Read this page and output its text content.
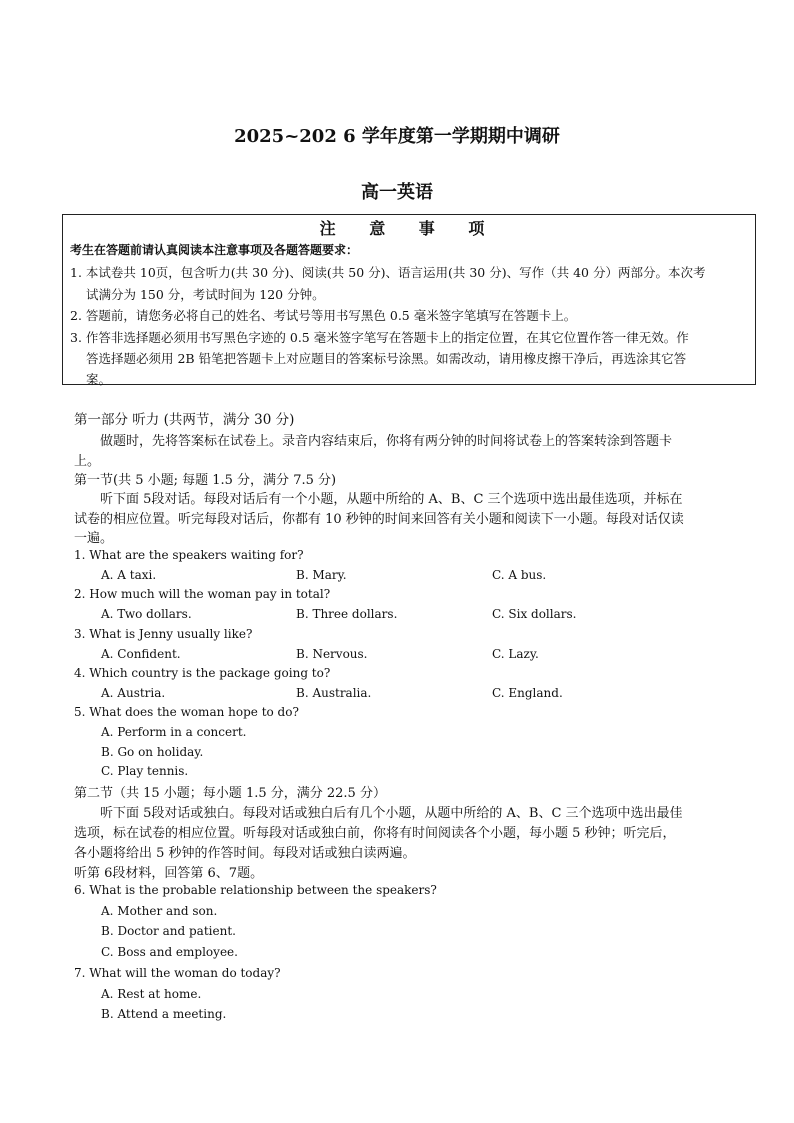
2025~202 6 学年度第一学期期中调研
高一英语
注 意 事 项
考生在答题前请认真阅读本注意事项及各题答题要求：
1. 本试卷共 10页，包含听力(共 30 分)、阅读(共 50 分)、语言运用(共 30 分)、写作（共 40 分）两部分。本次考
试满分为 150 分，考试时间为 120 分钟。
2. 答题前，请您务必将自己的姓名、考试号等用书写黑色 0.5 毫米签字笔填写在答题卡上。
3. 作答非选择题必须用书写黑色字迹的 0.5 毫米签字笔写在答题卡上的指定位置，在其它位置作答一律无效。作
答选择题必须用 2B 铅笔把答题卡上对应题目的答案标号涂黑。如需改动，请用橡皮擦干净后，再选涂其它答
案。
第一部分 听力 (共两节，满分 30 分)
做题时，先将答案标在试卷上。录音内容结束后，你将有两分钟的时间将试卷上的答案转涂到答题卡
上。
第一节(共 5 小题; 每题 1.5 分，满分 7.5 分)
听下面 5段对话。每段对话后有一个小题，从题中所给的 A、B、C 三个选项中选出最佳选项，并标在
试卷的相应位置。听完每段对话后，你都有 10 秒钟的时间来回答有关小题和阅读下一小题。每段对话仅读
一遍。
1. What are the speakers waiting for?
A. A taxi.	B. Mary.	C. A bus.
2. How much will the woman pay in total?
A. Two dollars.	B. Three dollars.	C. Six dollars.
3. What is Jenny usually like?
A. Confident.	B. Nervous.	C. Lazy.
4. Which country is the package going to?
A. Austria.	B. Australia.	C. England.
5. What does the woman hope to do?
A. Perform in a concert.
B. Go on holiday.
C. Play tennis.
第二节（共 15 小题；每小题 1.5 分，满分 22.5 分）
听下面 5段对话或独白。每段对话或独白后有几个小题，从题中所给的 A、B、C 三个选项中选出最佳
选项，标在试卷的相应位置。听每段对话或独白前，你将有时间阅读各个小题，每小题 5 秒钟；听完后，
各小题将给出 5 秒钟的作答时间。每段对话或独白读两遍。
听第 6段材料，回答第 6、7题。
6. What is the probable relationship between the speakers?
A. Mother and son.
B. Doctor and patient.
C. Boss and employee.
7. What will the woman do today?
A. Rest at home.
B. Attend a meeting.
